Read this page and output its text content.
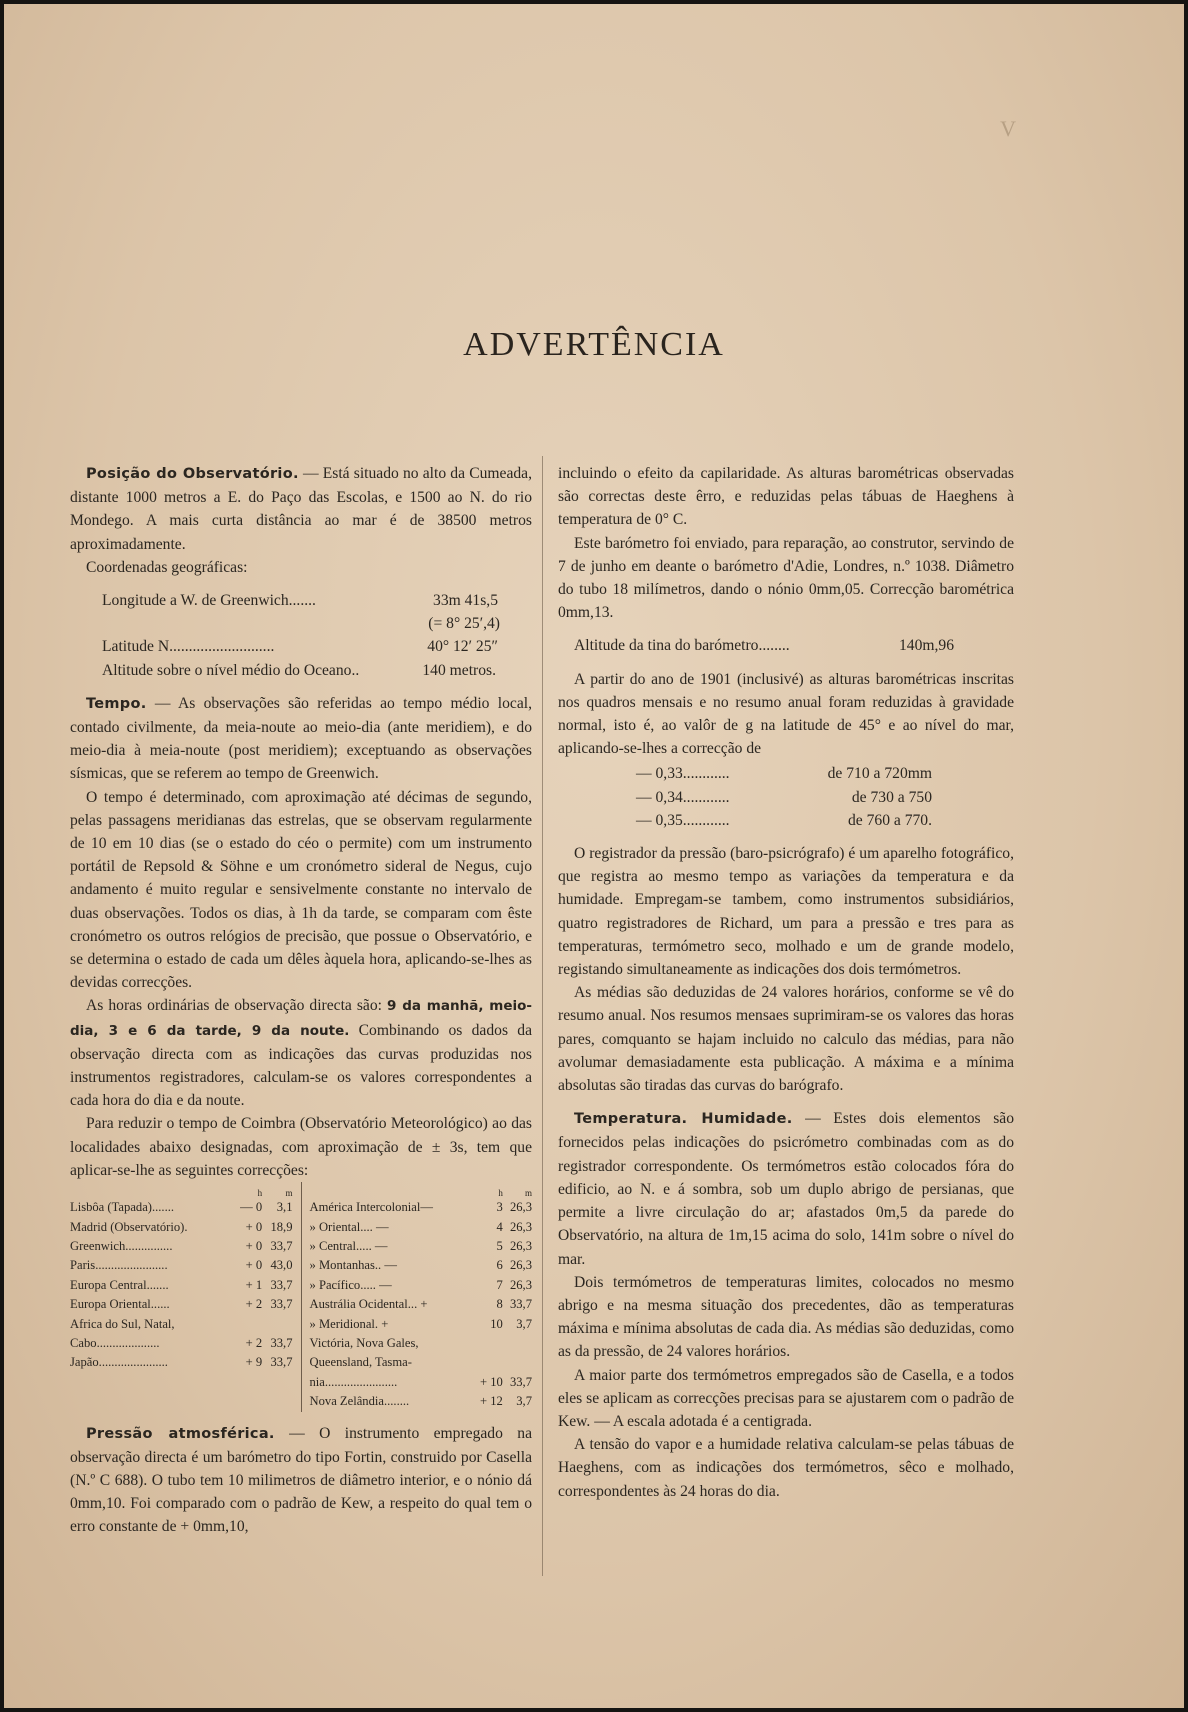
V
ADVERTÊNCIA

Posição do Observatório. — Está situado no alto da Cumeada, distante 1000 metros a E. do Paço das Escolas, e 1500 ao N. do rio Mondego. A mais curta distância ao mar é de 38500 metros aproximadamente.

Coordenadas geográficas:

Longitude a W. de Greenwich.......	33m 41s,5
(= 8° 25′,4)
Latitude N...........................	40° 12′ 25″
Altitude sobre o nível médio do Oceano..	140 metros.

Tempo. — As observações são referidas ao tempo médio local, contado civilmente, da meia-noute ao meio-dia (ante meridiem), e do meio-dia à meia-noute (post meridiem); exceptuando as observações sísmicas, que se referem ao tempo de Greenwich.

O tempo é determinado, com aproximação até décimas de segundo, pelas passagens meridianas das estrelas, que se observam regularmente de 10 em 10 dias (se o estado do céo o permite) com um instrumento portátil de Repsold & Söhne e um cronómetro sideral de Negus, cujo andamento é muito regular e sensivelmente constante no intervalo de duas observações. Todos os dias, à 1h da tarde, se comparam com êste cronómetro os outros relógios de precisão, que possue o Observatório, e se determina o estado de cada um dêles àquela hora, aplicando-se-lhes as devidas correcções.

As horas ordinárias de observação directa são: 9 da manhã, meio-dia, 3 e 6 da tarde, 9 da noute. Combinando os dados da observação directa com as indicações das curvas produzidas nos instrumentos registradores, calculam-se os valores correspondentes a cada hora do dia e da noute.

Para reduzir o tempo de Coimbra (Observatório Meteorológico) ao das localidades abaixo designadas, com aproximação de ± 3s, tem que aplicar-se-lhe as seguintes correcções:

	h	m
Lisbôa (Tapada).......	— 0	3,1
Madrid (Observatório).	+ 0	18,9
Greenwich...............	+ 0	33,7
Paris.......................	+ 0	43,0

Europa Central.......	+ 1	33,7
Europa Oriental......	+ 2	33,7
Africa do Sul, Natal,		
Cabo....................	+ 2	33,7
Japão......................	+ 9	33,7
	h	m
América Intercolonial—	3	26,3
» Oriental.... —	4	26,3
» Central..... —	5	26,3
» Montanhas.. —	6	26,3
» Pacífico..... —	7	26,3
Austrália Ocidental... +	8	33,7
» Meridional. +	10	3,7
Victória, Nova Gales,		
Queensland, Tasma-		
nia.......................	+ 10	33,7
Nova Zelândia........	+ 12	3,7

Pressão atmosférica. — O instrumento empregado na observação directa é um barómetro do tipo Fortin, construido por Casella (N.º C 688). O tubo tem 10 milimetros de diâmetro interior, e o nónio dá 0mm,10. Foi comparado com o padrão de Kew, a respeito do qual tem o erro constante de + 0mm,10,

incluindo o efeito da capilaridade. As alturas barométricas observadas são correctas deste êrro, e reduzidas pelas tábuas de Haeghens à temperatura de 0° C.

Este barómetro foi enviado, para reparação, ao construtor, servindo de 7 de junho em deante o barómetro d'Adie, Londres, n.º 1038. Diâmetro do tubo 18 milímetros, dando o nónio 0mm,05. Correcção barométrica 0mm,13.

Altitude da tina do barómetro........	140m,96

A partir do ano de 1901 (inclusivé) as alturas barométricas inscritas nos quadros mensais e no resumo anual foram reduzidas à gravidade normal, isto é, ao valôr de g na latitude de 45° e ao nível do mar, aplicando-se-lhes a correcção de

— 0,33............	de 710 a 720mm
— 0,34............	de 730 a 750
— 0,35............	de 760 a 770.

O registrador da pressão (baro-psicrógrafo) é um aparelho fotográfico, que registra ao mesmo tempo as variações da temperatura e da humidade. Empregam-se tambem, como instrumentos subsidiários, quatro registradores de Richard, um para a pressão e tres para as temperaturas, termómetro seco, molhado e um de grande modelo, registando simultaneamente as indicações dos dois termómetros.

As médias são deduzidas de 24 valores horários, conforme se vê do resumo anual. Nos resumos mensaes suprimiram-se os valores das horas pares, comquanto se hajam incluido no calculo das médias, para não avolumar demasiadamente esta publicação. A máxima e a mínima absolutas são tiradas das curvas do barógrafo.

Temperatura. Humidade. — Estes dois elementos são fornecidos pelas indicações do psicrómetro combinadas com as do registrador correspondente. Os termómetros estão colocados fóra do edificio, ao N. e á sombra, sob um duplo abrigo de persianas, que permite a livre circulação do ar; afastados 0m,5 da parede do Observatório, na altura de 1m,15 acima do solo, 141m sobre o nível do mar.

Dois termómetros de temperaturas limites, colocados no mesmo abrigo e na mesma situação dos precedentes, dão as temperaturas máxima e mínima absolutas de cada dia. As médias são deduzidas, como as da pressão, de 24 valores horários.

A maior parte dos termómetros empregados são de Casella, e a todos eles se aplicam as correcções precisas para se ajustarem com o padrão de Kew. — A escala adotada é a centigrada.

A tensão do vapor e a humidade relativa calculam-se pelas tábuas de Haeghens, com as indicações dos termómetros, sêco e molhado, correspondentes às 24 horas do dia.
